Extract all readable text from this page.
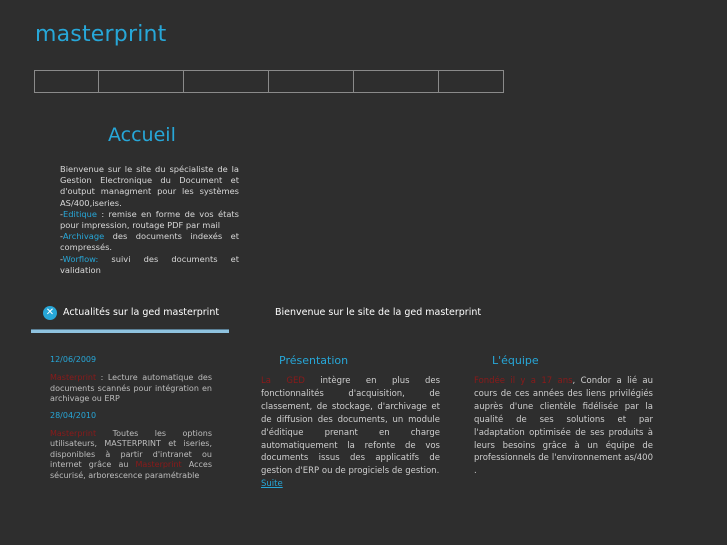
masterprint
Accueil
Bienvenue sur le site du spécialiste de la Gestion Electronique du Document et d'output managment pour les systèmes AS/400,iseries.
-Editique : remise en forme de vos états pour impression, routage PDF par mail
-Archivage des documents indexés et compressés.
-Worflow: suivi des documents et validation
✕ Actualités sur la ged masterprint	Bienvenue sur le site de la ged masterprint
12/06/2009

Masterprint : Lecture automatique des documents scannés pour intégration en archivage ou ERP

28/04/2010

Masterprint Toutes les options utilisateurs, MASTERPRINT et iseries, disponibles à partir d'intranet ou internet grâce au Masterprint Acces sécurisé, arborescence paramétrable

Présentation
La GED intègre en plus des fonctionnalités d'acquisition, de classement, de stockage, d'archivage et de diffusion des documents, un module d'éditique prenant en charge automatiquement la refonte de vos documents issus des applicatifs de gestion d'ERP ou de progiciels de gestion.
Suite
L'équipe
Fondée il y a 17 ans, Condor a lié au cours de ces années des liens privilégiés auprès d'une clientèle fidélisée par la qualité de ses solutions et par l'adaptation optimisée de ses produits à leurs besoins grâce à un équipe de professionnels de l'environnement as/400 .
